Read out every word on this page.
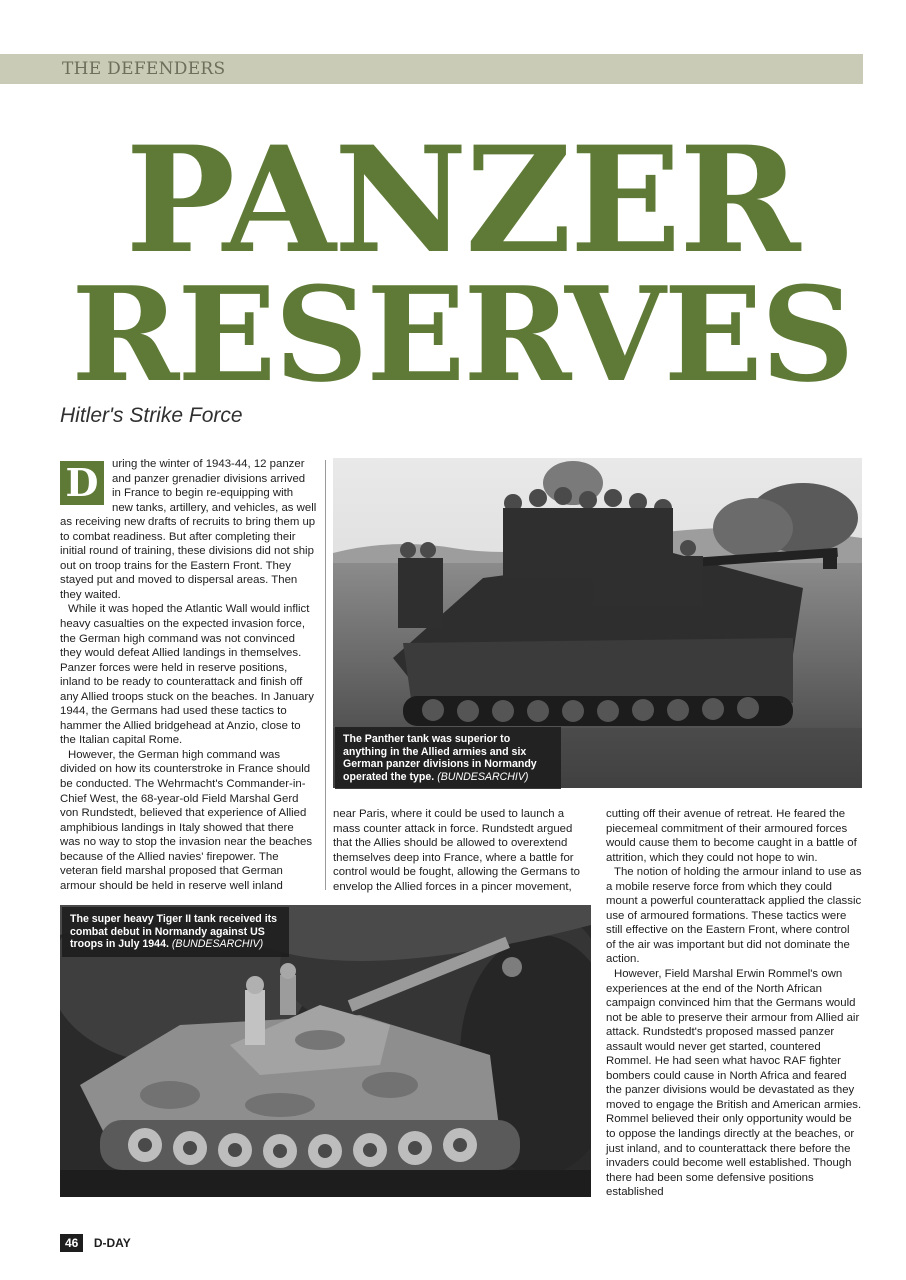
THE DEFENDERS
PANZER
RESERVES
Hitler's Strike Force
D	uring the winter of 1943-44, 12 panzer and panzer grenadier divisions arrived in France to begin re-equipping with new tanks, artillery, and vehicles, as well as receiving new drafts of recruits to bring them up to combat readiness. But after completing their initial round of training, these divisions did not ship out on troop trains for the Eastern Front. They stayed put and moved to dispersal areas. Then they waited.

While it was hoped the Atlantic Wall would inflict heavy casualties on the expected invasion force, the German high command was not convinced they would defeat Allied landings in themselves. Panzer forces were held in reserve positions, inland to be ready to counterattack and finish off any Allied troops stuck on the beaches. In January 1944, the Germans had used these tactics to hammer the Allied bridgehead at Anzio, close to the Italian capital Rome.

However, the German high command was divided on how its counterstroke in France should be conducted. The Wehrmacht's Commander-in-Chief West, the 68-year-old Field Marshal Gerd von Rundstedt, believed that experience of Allied amphibious landings in Italy showed that there was no way to stop the invasion near the beaches because of the Allied navies' firepower. The veteran field marshal proposed that German armour should be held in reserve well inland

The Panther tank was superior to anything in the Allied armies and six German panzer divisions in Normandy operated the type. (BUNDESARCHIV)

near Paris, where it could be used to launch a mass counter attack in force. Rundstedt argued that the Allies should be allowed to overextend themselves deep into France, where a battle for control would be fought, allowing the Germans to envelop the Allied forces in a pincer movement,

cutting off their avenue of retreat. He feared the piecemeal commitment of their armoured forces would cause them to become caught in a battle of attrition, which they could not hope to win.

The notion of holding the armour inland to use as a mobile reserve force from which they could mount a powerful counterattack applied the classic use of armoured formations. These tactics were still effective on the Eastern Front, where control of the air was important but did not dominate the action.

However, Field Marshal Erwin Rommel's own experiences at the end of the North African campaign convinced him that the Germans would not be able to preserve their armour from Allied air attack. Rundstedt's proposed massed panzer assault would never get started, countered Rommel. He had seen what havoc RAF fighter bombers could cause in North Africa and feared the panzer divisions would be devastated as they moved to engage the British and American armies. Rommel believed their only opportunity would be to oppose the landings directly at the beaches, or just inland, and to counterattack there before the invaders could become well established. Though there had been some defensive positions established

The super heavy Tiger II tank received its combat debut in Normandy against US troops in July 1944. (BUNDESARCHIV)
46 D-DAY
